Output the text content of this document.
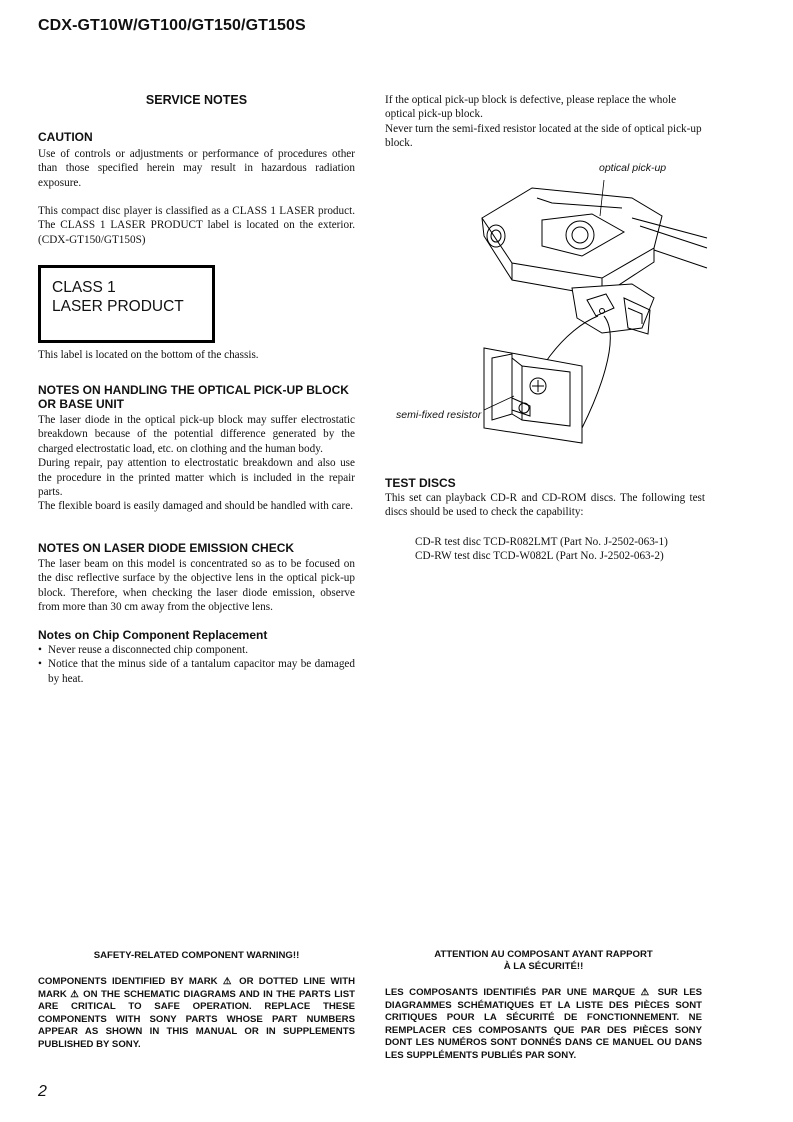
CDX-GT10W/GT100/GT150/GT150S
SERVICE NOTES
CAUTION

Use of controls or adjustments or performance of procedures other than those specified herein may result in hazardous radiation exposure.

This compact disc player is classified as a CLASS 1 LASER product. The CLASS 1 LASER PRODUCT label is located on the exterior. (CDX-GT150/GT150S)

CLASS 1
LASER PRODUCT

This label is located on the bottom of the chassis.

NOTES ON HANDLING THE OPTICAL PICK-UP BLOCK OR BASE UNIT

The laser diode in the optical pick-up block may suffer electrostatic breakdown because of the potential difference generated by the charged electrostatic load, etc. on clothing and the human body.

During repair, pay attention to electrostatic breakdown and also use the procedure in the printed matter which is included in the repair parts.

The flexible board is easily damaged and should be handled with care.

NOTES ON LASER DIODE EMISSION CHECK

The laser beam on this model is concentrated so as to be focused on the disc reflective surface by the objective lens in the optical pick-up block. Therefore, when checking the laser diode emission, observe from more than 30 cm away from the objective lens.

Notes on Chip Component Replacement
• Never reuse a disconnected chip component.
• Notice that the minus side of a tantalum capacitor may be damaged by heat.

If the optical pick-up block is defective, please replace the whole optical pick-up block.

Never turn the semi-fixed resistor located at the side of optical pick-up block.

optical pick-up
semi-fixed resistor
TEST DISCS

This set can playback CD-R and CD-ROM discs. The following test discs should be used to check the capability:

CD-R test disc TCD-R082LMT (Part No. J-2502-063-1)
CD-RW test disc TCD-W082L (Part No. J-2502-063-2)
SAFETY-RELATED COMPONENT WARNING!!
COMPONENTS IDENTIFIED BY MARK ⚠ OR DOTTED LINE WITH MARK ⚠ ON THE SCHEMATIC DIAGRAMS AND IN THE PARTS LIST ARE CRITICAL TO SAFE OPERATION. REPLACE THESE COMPONENTS WITH SONY PARTS WHOSE PART NUMBERS APPEAR AS SHOWN IN THIS MANUAL OR IN SUPPLEMENTS PUBLISHED BY SONY.
ATTENTION AU COMPOSANT AYANT RAPPORT
À LA SÉCURITÉ!!
LES COMPOSANTS IDENTIFIÉS PAR UNE MARQUE ⚠ SUR LES DIAGRAMMES SCHÉMATIQUES ET LA LISTE DES PIÈCES SONT CRITIQUES POUR LA SÉCURITÉ DE FONCTIONNEMENT. NE REMPLACER CES COMPOSANTS QUE PAR DES PIÈCES SONY DONT LES NUMÉROS SONT DONNÉS DANS CE MANUEL OU DANS LES SUPPLÉMENTS PUBLIÉS PAR SONY.
2
